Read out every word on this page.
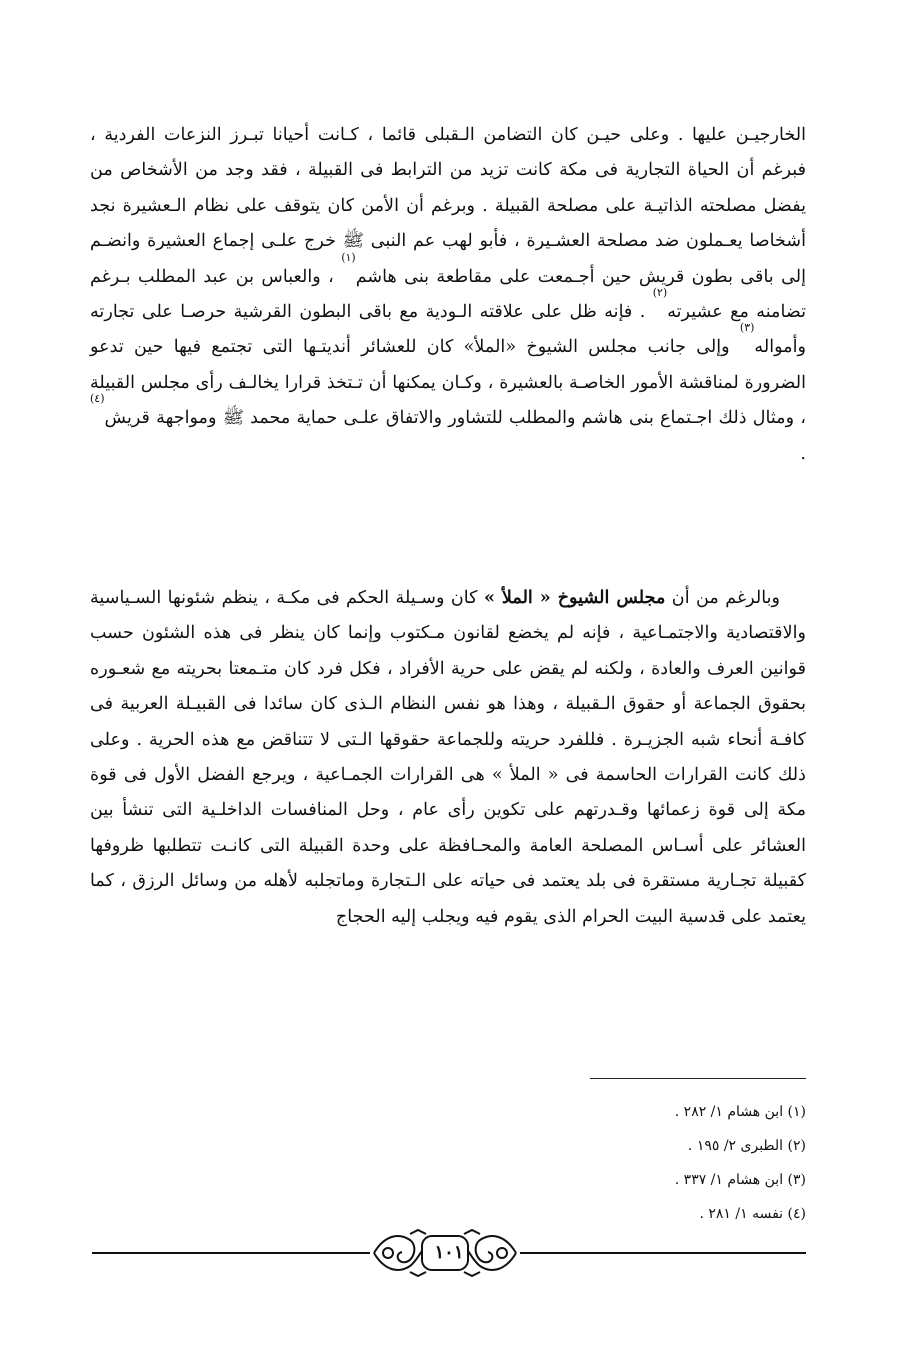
الخارجيـن عليها . وعلى حيـن كان التضامن الـقبلى قائما ، كـانت أحيانا تبـرز النزعات الفردية ، فبرغم أن الحياة التجارية فى مكة كانت تزيد من الترابط فى القبيلة ، فقد وجد من الأشخاص من يفضل مصلحته الذاتيـة على مصلحة القبيلة . وبرغم أن الأمن كان يتوقف على نظام الـعشيرة نجد أشخاصا يعـملون ضد مصلحة العشـيرة ، فأبو لهب عم النبى ﷺ خرج علـى إجماع العشيرة وانضـم إلى باقى بطون قريش حين أجـمعت على مقاطعة بنى هاشم$^{(١)}$ ، والعباس بن عبد المطلب بـرغم تضامنه مع عشيرته$^{(٢)}$ . فإنه ظل على علاقته الـودية مع باقى البطون القرشية حرصـا على تجارته وأمواله$^{(٣)}$ وإلى جانب مجلس الشيوخ «الملأ» كان للعشائر أنديتـها التى تجتمع فيها حين تدعو الضرورة لمناقشة الأمور الخاصـة بالعشيرة ، وكـان يمكنها أن تـتخذ قرارا يخالـف رأى مجلس القبيلة ، ومثال ذلك اجـتماع بنى هاشم والمطلب للتشاور والاتفاق علـى حماية محمد ﷺ ومواجهة قريش$^{(٤)}$ .

وبالرغم من أن مجلس الشيوخ « الملأ » كان وسـيلة الحكم فى مكـة ، ينظم شئونها السـياسية والاقتصادية والاجتمـاعية ، فإنه لم يخضع لقانون مـكتوب وإنما كان ينظر فى هذه الشئون حسب قوانين العرف والعادة ، ولكنه لم يقض على حرية الأفراد ، فكل فرد كان متـمعتا بحريته مع شعـوره بحقوق الجماعة أو حقوق الـقبيلة ، وهذا هو نفس النظام الـذى كان سائدا فى القبيـلة العربية فى كافـة أنحاء شبه الجزيـرة . فللفرد حريته وللجماعة حقوقها الـتى لا تتناقض مع هذه الحرية . وعلى ذلك كانت القرارات الحاسمة فى « الملأ » هى القرارات الجمـاعية ، ويرجع الفضل الأول فى قوة مكة إلى قوة زعمائها وقـدرتهم على تكوين رأى عام ، وحل المنافسات الداخلـية التى تنشأ بين العشائر على أسـاس المصلحة العامة والمحـافظة على وحدة القبيلة التى كانـت تتطلبها ظروفها كقبيلة تجـارية مستقرة فى بلد يعتمد فى حياته على الـتجارة وماتجلبه لأهله من وسائل الرزق ، كما يعتمد على قدسية البيت الحرام الذى يقوم فيه ويجلب إليه الحجاج

(١) ابن هشام ١/ ٢٨٢ .
(٢) الطبرى ٢/ ١٩٥ .
(٣) ابن هشام ١/ ٣٣٧ .
(٤) نفسه ١/ ٢٨١ .
١٠١
